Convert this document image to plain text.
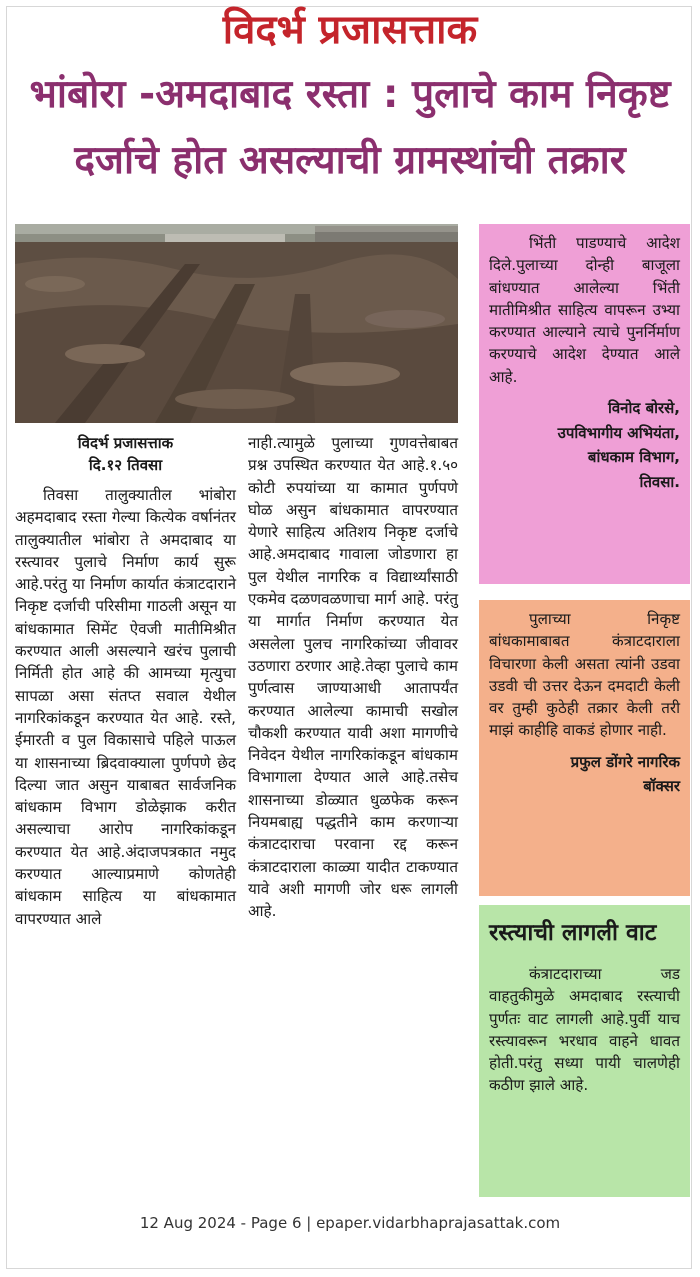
विदर्भ प्रजासत्ताक
भांबोरा -अमदाबाद रस्ता : पुलाचे काम निकृष्ट दर्जाचे होत असल्याची ग्रामस्थांची तक्रार
विदर्भ प्रजासत्ताक
दि.१२ तिवसा
तिवसा तालुक्यातील भांबोरा अहमदाबाद रस्ता गेल्या कित्येक वर्षानंतर तालुक्यातील भांबोरा ते अमदाबाद या रस्त्यावर पुलाचे निर्माण कार्य सुरू आहे.परंतु या निर्माण कार्यात कंत्राटदाराने निकृष्ट दर्जाची परिसीमा गाठली असून या बांधकामात सिमेंट ऐवजी मातीमिश्रीत करण्यात आली असल्याने खरंच पुलाची निर्मिती होत आहे की आमच्या मृत्युचा सापळा असा संतप्त सवाल येथील नागरिकांकडून करण्यात येत आहे. रस्ते, ईमारती व पुल विकासाचे पहिले पाऊल या शासनाच्या ब्रिदवाक्याला पुर्णपणे छेद दिल्या जात असुन याबाबत सार्वजनिक बांधकाम विभाग डोळेझाक करीत असल्याचा आरोप नागरिकांकडून करण्यात येत आहे.अंदाजपत्रकात नमुद करण्यात आल्याप्रमाणे कोणतेही बांधकाम साहित्य या बांधकामात वापरण्यात आले
नाही.त्यामुळे पुलाच्या गुणवत्तेबाबत प्रश्न उपस्थित करण्यात येत आहे.१.५० कोटी रुपयांच्या या कामात पुर्णपणे घोळ असुन बांधकामात वापरण्यात येणारे साहित्य अतिशय निकृष्ट दर्जाचे आहे.अमदाबाद गावाला जोडणारा हा पुल येथील नागरिक व विद्यार्थ्यांसाठी एकमेव दळणवळणाचा मार्ग आहे. परंतु या मार्गात निर्माण करण्यात येत असलेला पुलच नागरिकांच्या जीवावर उठणारा ठरणार आहे.तेव्हा पुलाचे काम पुर्णत्वास जाण्याआधी आतापर्यंत करण्यात आलेल्या कामाची सखोल चौकशी करण्यात यावी अशा मागणीचे निवेदन येथील नागरिकांकडून बांधकाम विभागाला देण्यात आले आहे.तसेच शासनाच्या डोळ्यात धुळफेक करून नियमबाह्य पद्धतीने काम करणाऱ्या कंत्राटदाराचा परवाना रद्द करून कंत्राटदाराला काळ्या यादीत टाकण्यात यावे अशी मागणी जोर धरू लागली आहे.

भिंती पाडण्याचे आदेश दिले.पुलाच्या दोन्ही बाजूला बांधण्यात आलेल्या भिंती मातीमिश्रीत साहित्य वापरून उभ्या करण्यात आल्याने त्याचे पुनर्निर्माण करण्याचे आदेश देण्यात आले आहे.

विनोद बोरसे,
उपविभागीय अभियंता,
बांधकाम विभाग,
तिवसा.

पुलाच्या निकृष्ट बांधकामाबाबत कंत्राटदाराला विचारणा केली असता त्यांनी उडवा उडवी ची उत्तर देऊन दमदाटी केली वर तुम्ही कुठेही तक्रार केली तरी माझं काहीहि वाकडं होणार नाही.

प्रफुल डोंगरे नागरिक
बॉक्सर
रस्त्याची लागली वाट

कंत्राटदाराच्या जड वाहतुकीमुळे अमदाबाद रस्त्याची पुर्णतः वाट लागली आहे.पुर्वी याच रस्त्यावरून भरधाव वाहने धावत होती.परंतु सध्या पायी चालणेही कठीण झाले आहे.

12 Aug 2024 - Page 6 | epaper.vidarbhaprajasattak.com
